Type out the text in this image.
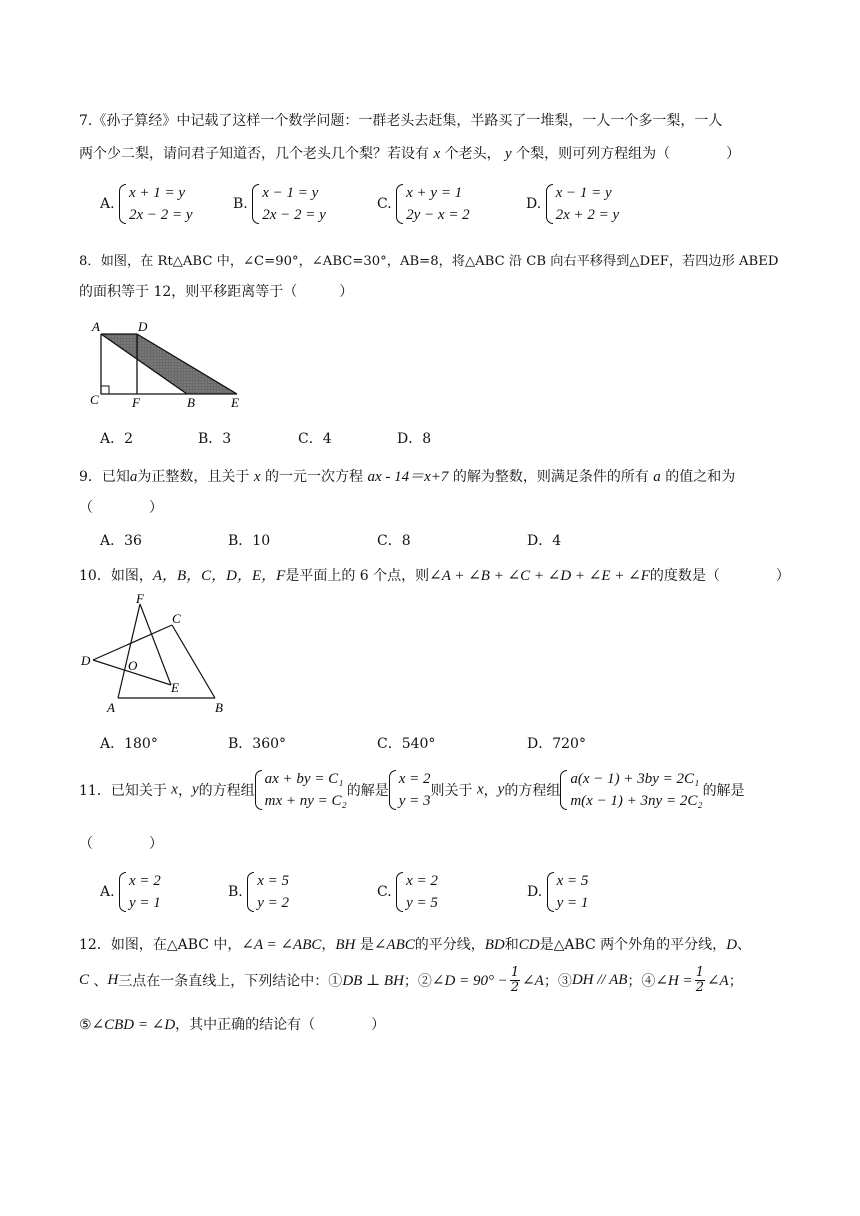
7.《孙子算经》中记载了这样一个数学问题：一群老头去赶集，半路买了一堆梨，一人一个多一梨，一人
两个少二梨，请问君子知道否，几个老头几个梨？若设有 x 个老头， y 个梨，则可列方程组为（　　　　）
A.
x + 1 = y
2x − 2 = y
B.
x − 1 = y
2x − 2 = y
C.
x + y = 1
2y − x = 2
D.
x − 1 = y
2x + 2 = y
8．如图，在 Rt△ABC 中，∠C=90°，∠ABC=30°，AB=8，将△ABC 沿 CB 向右平移得到△DEF，若四边形 ABED
的面积等于 12，则平移距离等于（　　　）
A	D
C	F	B	E
A．2	B．3	C．4	D．8
9．已知a为正整数，且关于 x 的一元一次方程 ax - 14＝x+7 的解为整数，则满足条件的所有 a 的值之和为
（　　　　）
A．36	B．10	C．8	D．4
10．如图，A，B，C，D，E，F是平面上的 6 个点，则∠A + ∠B + ∠C + ∠D + ∠E + ∠F的度数是（　　　　）
F
C
D	O
E
A	B
A．180°	B．360°	C．540°	D．720°
11．已知关于 x，y的方程组
ax + by = C₁
mx + ny = C₂
的解是
x = 2
y = 3
则关于 x，y的方程组
a(x − 1) + 3by = 2C₁
m(x − 1) + 3ny = 2C₂
的解是
（　　　　）
A.
x = 2
y = 1
B.
x = 5
y = 2
C.
x = 2
y = 5
D.
x = 5
y = 1
12．如图，在△ABC 中，∠A = ∠ABC，BH 是∠ABC的平分线，BD和CD是△ABC 两个外角的平分线，D、
C 、H三点在一条直线上，下列结论中：①DB ⊥ BH；②∠D = $90^\circ - \frac{1}{2}$ ∠A；③DH // AB；④∠H = $\frac{1}{2}$ ∠A；
⑤∠CBD = ∠D，其中正确的结论有（　　　　）
